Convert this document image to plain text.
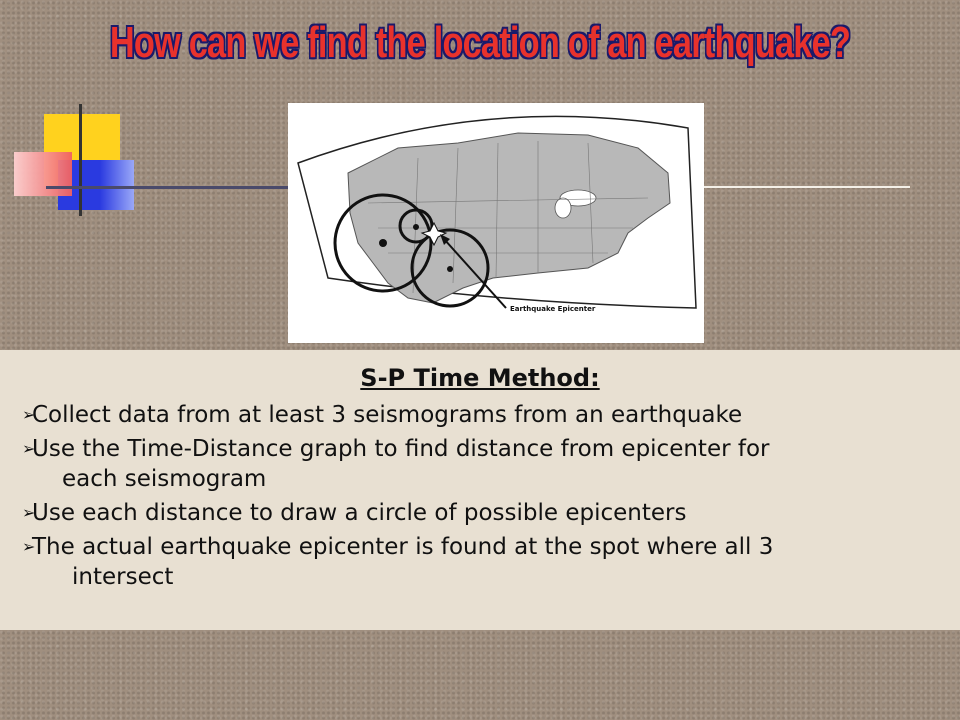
How can we find the location of an earthquake?
Earthquake Epicenter
S-P Time Method:
➢
Collect data from at least 3 seismograms from an earthquake
➢
Use the Time-Distance graph to find distance from epicenter for
each seismogram
➢
Use each distance to draw a circle of possible epicenters
➢
The actual earthquake epicenter is found at the spot where all 3
intersect
